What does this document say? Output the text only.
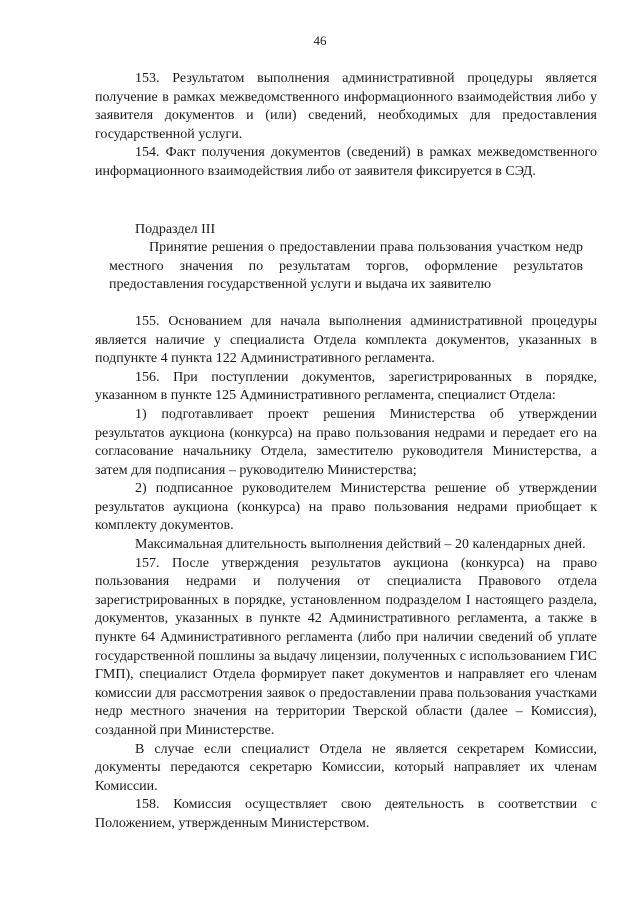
46

153. Результатом выполнения административной процедуры является получение в рамках межведомственного информационного взаимодействия либо у заявителя документов и (или) сведений, необходимых для предоставления государственной услуги.

154. Факт получения документов (сведений) в рамках межведомственного информационного взаимодействия либо от заявителя фиксируется в СЭД.

Подраздел III

Принятие решения о предоставлении права пользования участком недр местного значения по результатам торгов, оформление результатов предоставления государственной услуги и выдача их заявителю

155. Основанием для начала выполнения административной процедуры является наличие у специалиста Отдела комплекта документов, указанных в подпункте 4 пункта 122 Административного регламента.

156. При поступлении документов, зарегистрированных в порядке, указанном в пункте 125 Административного регламента, специалист Отдела:

1) подготавливает проект решения Министерства об утверждении результатов аукциона (конкурса) на право пользования недрами и передает его на согласование начальнику Отдела, заместителю руководителя Министерства, а затем для подписания – руководителю Министерства;

2) подписанное руководителем Министерства решение об утверждении результатов аукциона (конкурса) на право пользования недрами приобщает к комплекту документов.

Максимальная длительность выполнения действий – 20 календарных дней.

157. После утверждения результатов аукциона (конкурса) на право пользования недрами и получения от специалиста Правового отдела зарегистрированных в порядке, установленном подразделом I настоящего раздела, документов, указанных в пункте 42 Административного регламента, а также в пункте 64 Административного регламента (либо при наличии сведений об уплате государственной пошлины за выдачу лицензии, полученных с использованием ГИС ГМП), специалист Отдела формирует пакет документов и направляет его членам комиссии для рассмотрения заявок о предоставлении права пользования участками недр местного значения на территории Тверской области (далее – Комиссия), созданной при Министерстве.

В случае если специалист Отдела не является секретарем Комиссии, документы передаются секретарю Комиссии, который направляет их членам Комиссии.

158. Комиссия осуществляет свою деятельность в соответствии с Положением, утвержденным Министерством.
